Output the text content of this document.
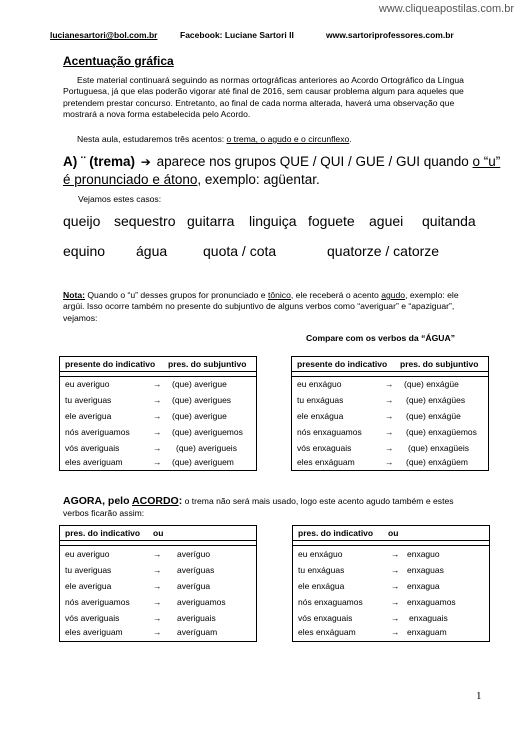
www.cliqueapostilas.com.br
lucianesartori@bol.com.br	Facebook: Luciane Sartori II	www.sartoriprofessores.com.br
Acentuação gráfica
Este material continuará seguindo as normas ortográficas anteriores ao Acordo Ortográfico da Língua
Portuguesa, já que elas poderão vigorar até final de 2016, sem causar problema algum para aqueles que
pretendem prestar concurso. Entretanto, ao final de cada norma alterada, haverá uma observação que
mostrará a nova forma estabelecida pelo Acordo.
Nesta aula, estudaremos três acentos: o trema, o agudo e o circunflexo.
A) ¨ (trema) ➔ aparece nos grupos QUE / QUI / GUE / GUI quando o “u”
é pronunciado e átono, exemplo: agüentar.
Vejamos estes casos:
queijo sequestro guitarra linguiça foguete aguei quitanda
equino água	quota / cota	quatorze / catorze
Nota: Quando o “u” desses grupos for pronunciado e tônico, ele receberá o acento agudo, exemplo: ele
argúi. Isso ocorre também no presente do subjuntivo de alguns verbos como “averiguar” e “apaziguar”,
vejamos:
Compare com os verbos da “ÁGUA”
presente do indicativo pres. do subjuntivo
eu averiguo	→ (que) averigue
tu averiguas	→ (que) averigues
ele averigua	→ (que) averigue
nós averiguamos	→ (que) averiguemos
vós averiguais	→ (que) averigueis
eles averiguam	→ (que) averiguem
presente do indicativo pres. do subjuntivo
eu enxáguo	→ (que) enxágüe
tu enxáguas	→ (que) enxágües
ele enxágua	→ (que) enxágüe
nós enxaguamos	→ (que) enxagüemos
vós enxaguais	→ (que) enxagüeis
eles enxáguam	→ (que) enxágüem
AGORA, pelo ACORDO: o trema não será mais usado, logo este acento agudo também e estes
verbos ficarão assim:
pres. do indicativo ou
eu averiguo	→ averíguo
tu averiguas	→ averíguas
ele averigua	→ averígua
nós averiguamos	→ averiguamos
vós averiguais	→ averiguais
eles averiguam	→ averíguam
pres. do indicativo ou
eu enxáguo	→ enxaguo
tu enxáguas	→ enxaguas
ele enxágua	→ enxagua
nós enxaguamos	→ enxaguamos
vós enxaguais	→ enxaguais
eles enxáguam	→ enxaguam
1
